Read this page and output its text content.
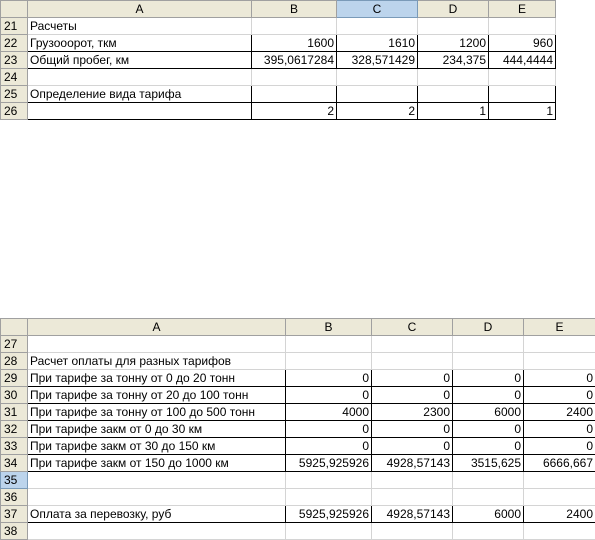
	A	B	C	D	E
21	Расчеты				
22	Грузооорот, ткм	1600	1610	1200	960
23	Общий пробег, км	395,0617284	328,571429	234,375	444,4444
24					
25	Определение вида тарифа				
26		2	2	1	1

	A	B	C	D	E
27					
28	Расчет оплаты для разных тарифов				
29	При тарифе за тонну от 0 до 20 тонн	0	0	0	0
30	При тарифе за тонну от 20 до 100 тонн	0	0	0	0
31	При тарифе за тонну от 100 до 500 тонн	4000	2300	6000	2400
32	При тарифе закм от 0 до 30 км	0	0	0	0
33	При тарифе закм от 30 до 150 км	0	0	0	0
34	При тарифе закм от 150 до 1000 км	5925,925926	4928,57143	3515,625	6666,667
35					
36					
37	Оплата за перевозку, руб	5925,925926	4928,57143	6000	2400
38					
